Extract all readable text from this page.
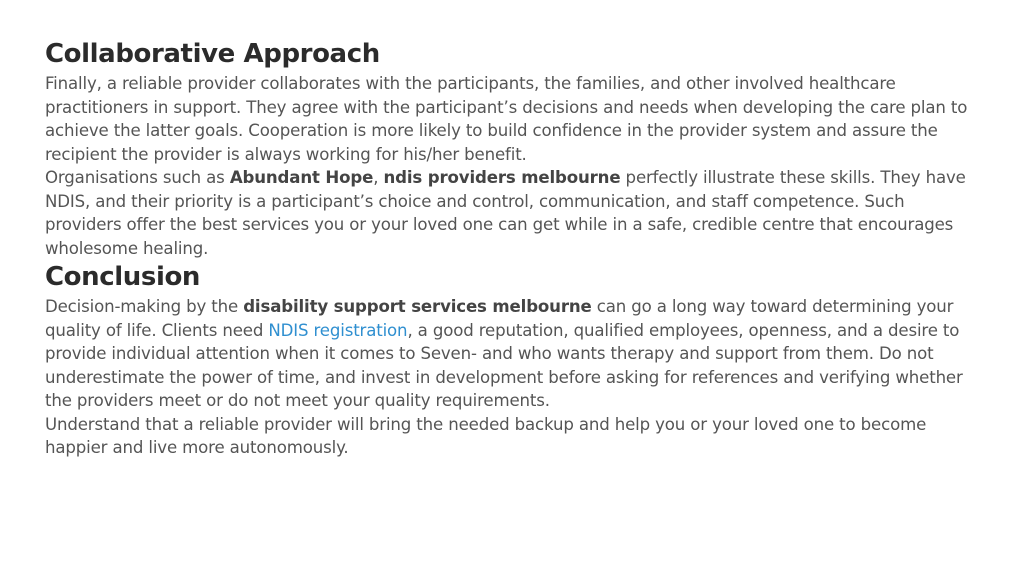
Collaborative Approach

Finally, a reliable provider collaborates with the participants, the families, and other involved healthcare practitioners in support. They agree with the participant’s decisions and needs when developing the care plan to achieve the latter goals. Cooperation is more likely to build confidence in the provider system and assure the recipient the provider is always working for his/her benefit.

Organisations such as Abundant Hope, ndis providers melbourne perfectly illustrate these skills. They have NDIS, and their priority is a participant’s choice and control, communication, and staff competence. Such providers offer the best services you or your loved one can get while in a safe, credible centre that encourages wholesome healing.

Conclusion

Decision-making by the disability support services melbourne can go a long way toward determining your quality of life. Clients need NDIS registration, a good reputation, qualified employees, openness, and a desire to provide individual attention when it comes to Seven- and who wants therapy and support from them. Do not underestimate the power of time, and invest in development before asking for references and verifying whether the providers meet or do not meet your quality requirements.

Understand that a reliable provider will bring the needed backup and help you or your loved one to become happier and live more autonomously.
